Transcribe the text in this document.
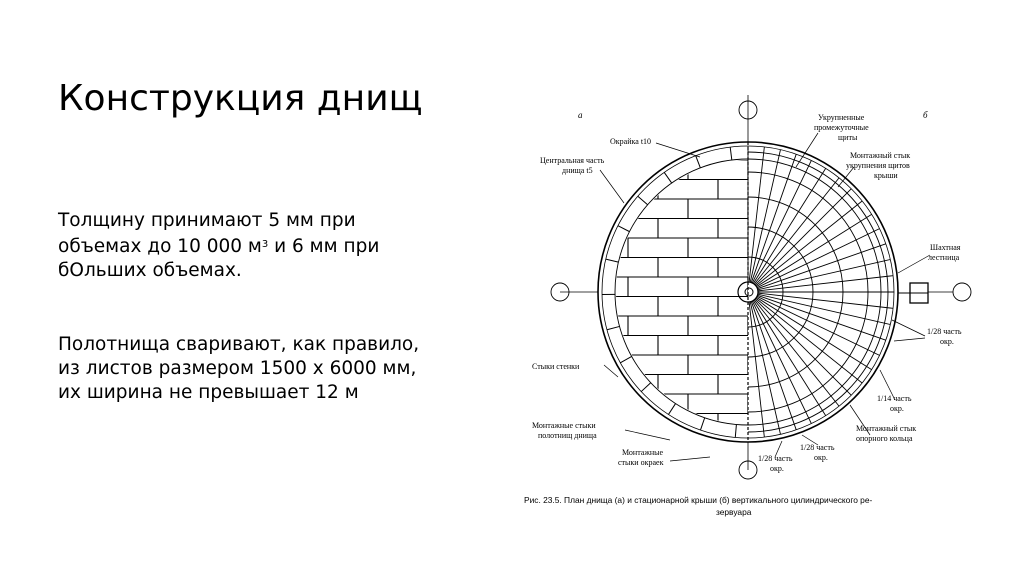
Конструкция днищ

Толщину принимают 5 мм при объемах до 10 000 $м^3$ и 6 мм при бОльших объемах.

Полотнища сваривают, как правило, из листов размером 1500 х 6000 мм, их ширина не превышает 12 м

а	б
Окрайка t10
Центральная часть
днища t5
Стыки стенки
Монтажные стыки
полотнищ днища
Монтажные
стыки окраек
Укрупненные
промежуточные
щиты
Монтажный стык
укрупнения щитов
крыши
Шахтная
лестница
1/28 часть
окр.
1/14 часть
окр.
Монтажный стык
опорного кольца
1/28 часть
окр.
1/28 часть
окр.
Рис. 23.5. План днища (а) и стационарной крыши (б) вертикального цилиндрического ре-
зервуара
